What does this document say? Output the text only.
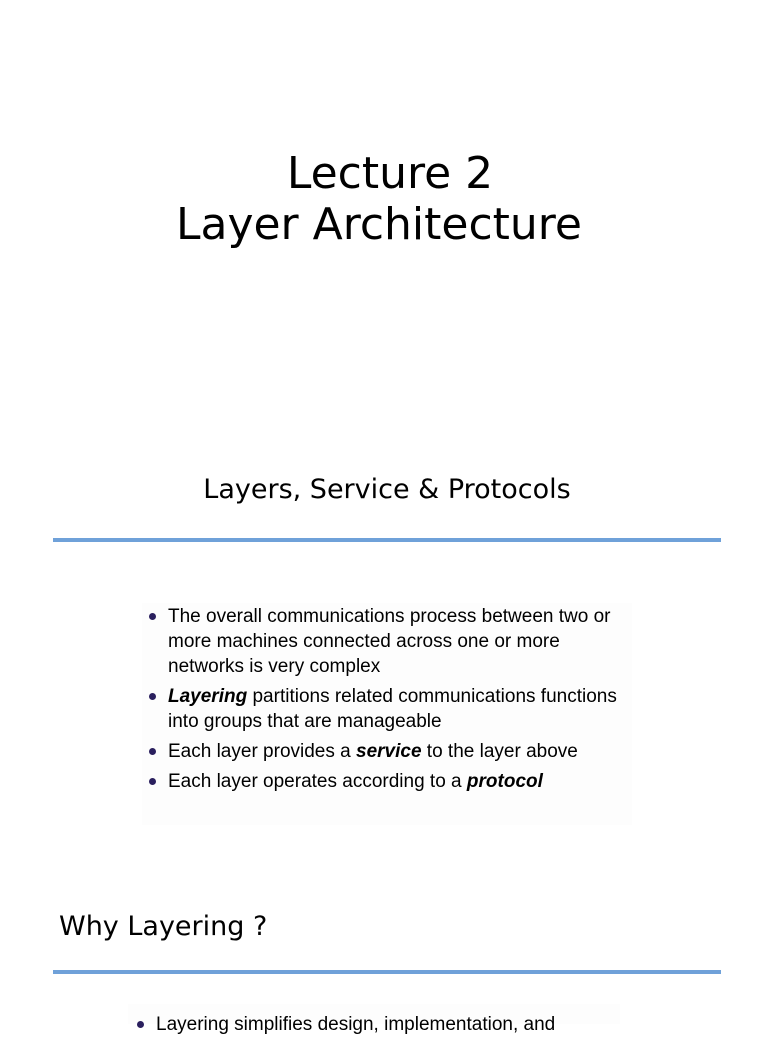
Lecture 2
Layer Architecture
Layers, Service & Protocols
The overall communications process between two or more machines connected across one or more networks is very complex
Layering partitions related communications functions into groups that are manageable
Each layer provides a service to the layer above
Each layer operates according to a protocol
Why Layering ?
Layering simplifies design, implementation, and
